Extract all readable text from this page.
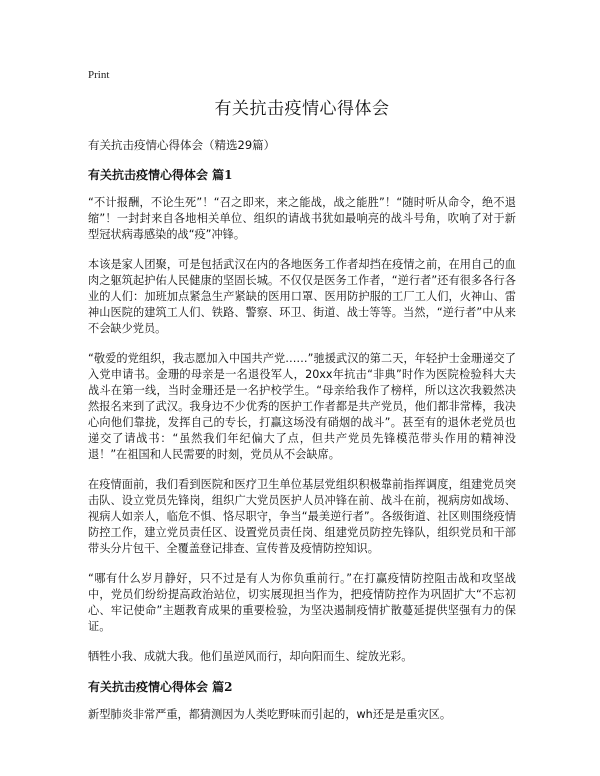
Print
有关抗击疫情心得体会
有关抗击疫情心得体会（精选29篇）
有关抗击疫情心得体会 篇1

“不计报酬，不论生死”！“召之即来，来之能战，战之能胜”！“随时听从命令，绝不退缩”！一封封来自各地相关单位、组织的请战书犹如最响亮的战斗号角，吹响了对于新型冠状病毒感染的战“疫”冲锋。

本该是家人团聚，可是包括武汉在内的各地医务工作者却挡在疫情之前，在用自己的血肉之躯筑起护佑人民健康的坚固长城。不仅仅是医务工作者，“逆行者”还有很多各行各业的人们：加班加点紧急生产紧缺的医用口罩、医用防护服的工厂工人们，火神山、雷神山医院的建筑工人们、铁路、警察、环卫、街道、战士等等。当然，“逆行者”中从来不会缺少党员。

“敬爱的党组织，我志愿加入中国共产党……”驰援武汉的第二天，年轻护士金珊递交了入党申请书。金珊的母亲是一名退役军人，20xx年抗击“非典”时作为医院检验科大夫战斗在第一线，当时金珊还是一名护校学生。“母亲给我作了榜样，所以这次我毅然决然报名来到了武汉。我身边不少优秀的医护工作者都是共产党员，他们都非常棒，我决心向他们靠拢，发挥自己的专长，打赢这场没有硝烟的战斗”。甚至有的退休老党员也递交了请战书：“虽然我们年纪偏大了点，但共产党员先锋模范带头作用的精神没退！”在祖国和人民需要的时刻，党员从不会缺席。

在疫情面前，我们看到医院和医疗卫生单位基层党组织积极靠前指挥调度，组建党员突击队、设立党员先锋岗，组织广大党员医护人员冲锋在前、战斗在前，视病房如战场、视病人如亲人，临危不惧、恪尽职守，争当“最美逆行者”。各级街道、社区则围绕疫情防控工作，建立党员责任区、设置党员责任岗、组建党员防控先锋队，组织党员和干部带头分片包干、全覆盖登记排查、宣传普及疫情防控知识。

“哪有什么岁月静好，只不过是有人为你负重前行。”在打赢疫情防控阻击战和攻坚战中，党员们纷纷提高政治站位，切实展现担当作为，把疫情防控作为巩固扩大“不忘初心、牢记使命”主题教育成果的重要检验，为坚决遏制疫情扩散蔓延提供坚强有力的保证。

牺牲小我、成就大我。他们虽逆风而行，却向阳而生、绽放光彩。

有关抗击疫情心得体会 篇2

新型肺炎非常严重，都猜测因为人类吃野味而引起的，wh还是是重灾区。
